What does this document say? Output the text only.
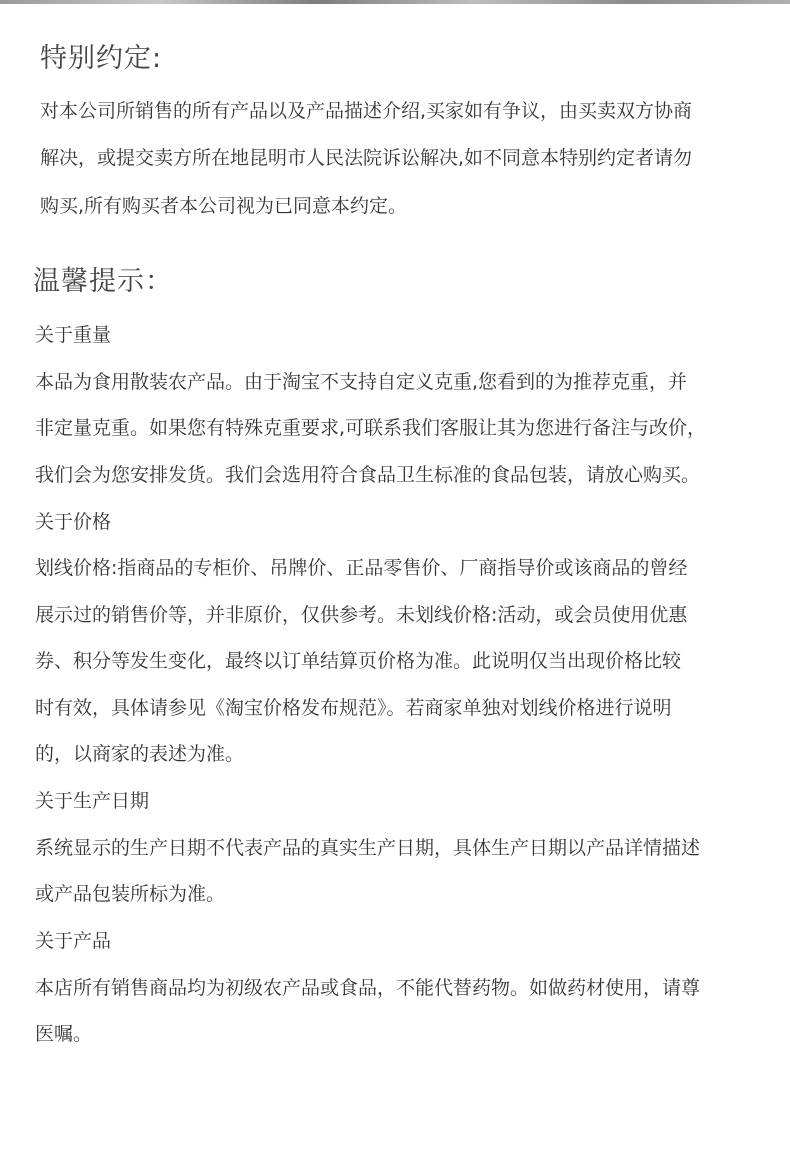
特别约定:
对本公司所销售的所有产品以及产品描述介绍,买家如有争议，由买卖双方协商
解决，或提交卖方所在地昆明市人民法院诉讼解决,如不同意本特别约定者请勿
购买,所有购买者本公司视为已同意本约定。
温馨提示：
关于重量
本品为食用散装农产品。由于淘宝不支持自定义克重,您看到的为推荐克重，并
非定量克重。如果您有特殊克重要求,可联系我们客服让其为您进行备注与改价，
我们会为您安排发货。我们会选用符合食品卫生标准的食品包装，请放心购买。
关于价格
划线价格:指商品的专柜价、吊牌价、正品零售价、厂商指导价或该商品的曾经
展示过的销售价等，并非原价，仅供参考。未划线价格:活动，或会员使用优惠
券、积分等发生变化，最终以订单结算页价格为准。此说明仅当出现价格比较
时有效，具体请参见《淘宝价格发布规范》。若商家单独对划线价格进行说明
的，以商家的表述为准。
关于生产日期
系统显示的生产日期不代表产品的真实生产日期，具体生产日期以产品详情描述
或产品包装所标为准。
关于产品
本店所有销售商品均为初级农产品或食品，不能代替药物。如做药材使用，请尊
医嘱。
